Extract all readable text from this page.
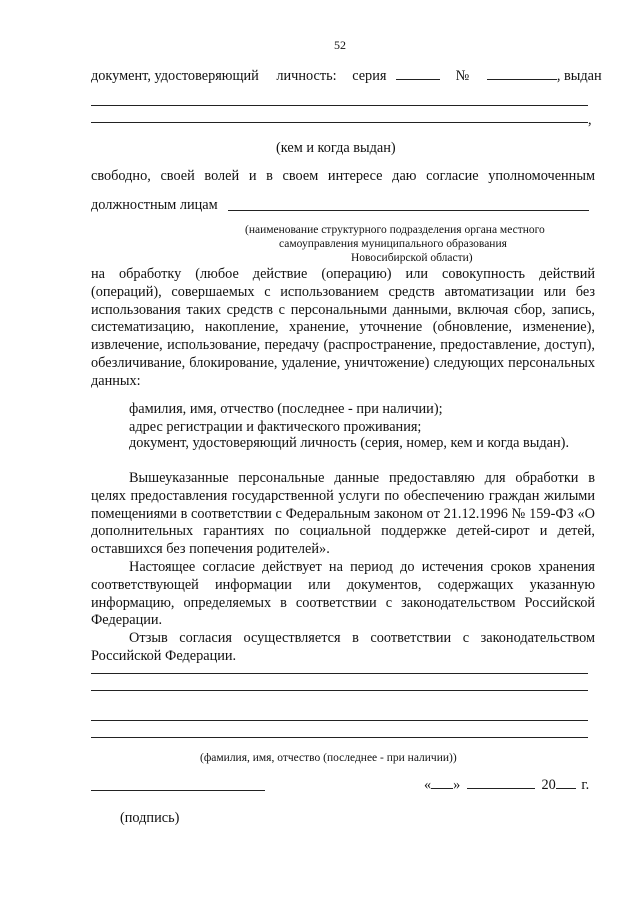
52
документ, удостоверяющий личность: серия	№	, выдан
,
(кем и когда выдан)
свободно, своей волей и в своем интересе даю согласие уполномоченным
должностным лицам
(наименование структурного подразделения органа местного
самоуправления муниципального образования
Новосибирской области)
на обработку (любое действие (операцию) или совокупность действий (операций), совершаемых с использованием средств автоматизации или без использования таких средств с персональными данными, включая сбор, запись, систематизацию, накопление, хранение, уточнение (обновление, изменение), извлечение, использование, передачу (распространение, предоставление, доступ), обезличивание, блокирование, удаление, уничтожение) следующих персональных данных:
фамилия, имя, отчество (последнее - при наличии);
адрес регистрации и фактического проживания;
документ, удостоверяющий личность (серия, номер, кем и когда выдан).
Вышеуказанные персональные данные предоставляю для обработки в целях предоставления государственной услуги по обеспечению граждан жилыми помещениями в соответствии с Федеральным законом от 21.12.1996 № 159-ФЗ «О дополнительных гарантиях по социальной поддержке детей-сирот и детей, оставшихся без попечения родителей».
Настоящее согласие действует на период до истечения сроков хранения соответствующей информации или документов, содержащих указанную информацию, определяемых в соответствии с законодательством Российской Федерации.
Отзыв согласия осуществляется в соответствии с законодательством Российской Федерации.
(фамилия, имя, отчество (последнее - при наличии))
« »	20 г.
(подпись)
